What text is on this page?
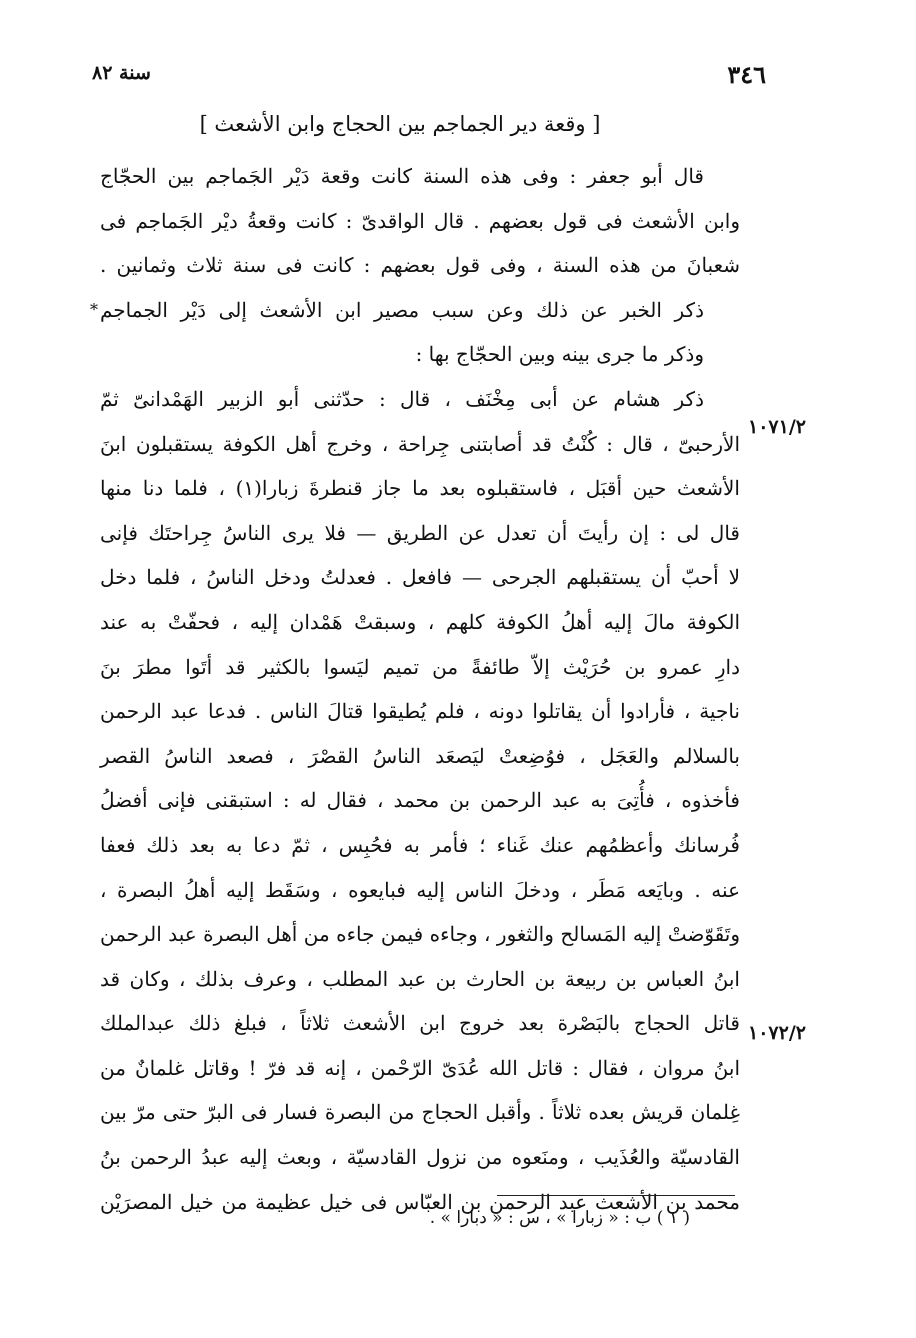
٣٤٦
سنة ٨٢
[ وقعة دير الجماجم بين الحجاج وابن الأشعث ]
قال أبو جعفر : وفى هذه السنة كانت وقعة دَيْر الجَماجم بين الحجّاج
وابن الأشعث فى قول بعضهم . قال الواقدىّ : كانت وقعةُ ديْر الجَماجم فى
شعبانَ من هذه السنة ، وفى قول بعضهم : كانت فى سنة ثلاث وثمانين .
* ذكر الخبر عن ذلك وعن سبب مصير ابن الأشعث إلى دَيْر الجماجم
وذكر ما جرى بينه وبين الحجّاج بها :
ذكر هشام عن أبى مِخْنَف ، قال : حدّثنى أبو الزبير الهَمْدانىّ ثمّ
الأرحبىّ ، قال : كُنْتُ قد أصابتنى جِراحة ، وخرج أهل الكوفة يستقبلون ابنَ
الأشعث حين أقبَل ، فاستقبلوه بعد ما جاز قنطرةَ زبارا(١) ، فلما دنا منها
قال لى : إن رأيتَ أن تعدل عن الطريق — فلا يرى الناسُ جِراحتَك فإنى
لا أحبّ أن يستقبلهم الجرحى — فافعل . فعدلتُ ودخل الناسُ ، فلما دخل
الكوفة مالَ إليه أهلُ الكوفة كلهم ، وسبقتْ هَمْدان إليه ، فحفّتْ به عند
دارِ عمرو بن حُرَيْث إلاّ طائفةً من تميم ليَسوا بالكثير قد أتَوا مطرَ بنَ
ناجية ، فأرادوا أن يقاتلوا دونه ، فلم يُطيقوا قتالَ الناس . فدعا عبد الرحمن
بالسلالم والعَجَل ، فوُضِعتْ ليَصعَد الناسُ القصْرَ ، فصعد الناسُ القصر
فأخذوه ، فأُتِىَ به عبد الرحمن بن محمد ، فقال له : استبقنى فإنى أفضلُ
فُرسانك وأعظمُهم عنك غَناء ؛ فأمر به فحُبِس ، ثمّ دعا به بعد ذلك فعفا
عنه . وبايَعه مَطَر ، ودخلَ الناس إليه فبايعوه ، وسَقَط إليه أهلُ البصرة ،
وتَقَوّضتْ إليه المَسالح والثغور ، وجاءه فيمن جاءه من أهل البصرة عبد الرحمن
ابنُ العباس بن ربيعة بن الحارث بن عبد المطلب ، وعرف بذلك ، وكان قد
قاتل الحجاج بالبَصْرة بعد خروج ابن الأشعث ثلاثاً ، فبلغ ذلك عبدالملك
ابنُ مروان ، فقال : قاتل الله عُدَىّ الرّحْمن ، إنه قد فرّ ! وقاتل غلمانٌ من
غِلمان قريش بعده ثلاثاً . وأقبل الحجاج من البصرة فسار فى البرّ حتى مرّ بين
القادسيّة والعُذَيب ، ومنَعوه من نزول القادسيّة ، وبعث إليه عبدُ الرحمن بنُ
محمد بن الأشعث عبد الرحمن بن العبّاس فى خيل عظيمة من خيل المصرَيْن
١٠٧١/٢
١٠٧٢/٢
( ١ ) ب : « زبارا » ، س : « دبارا » .
